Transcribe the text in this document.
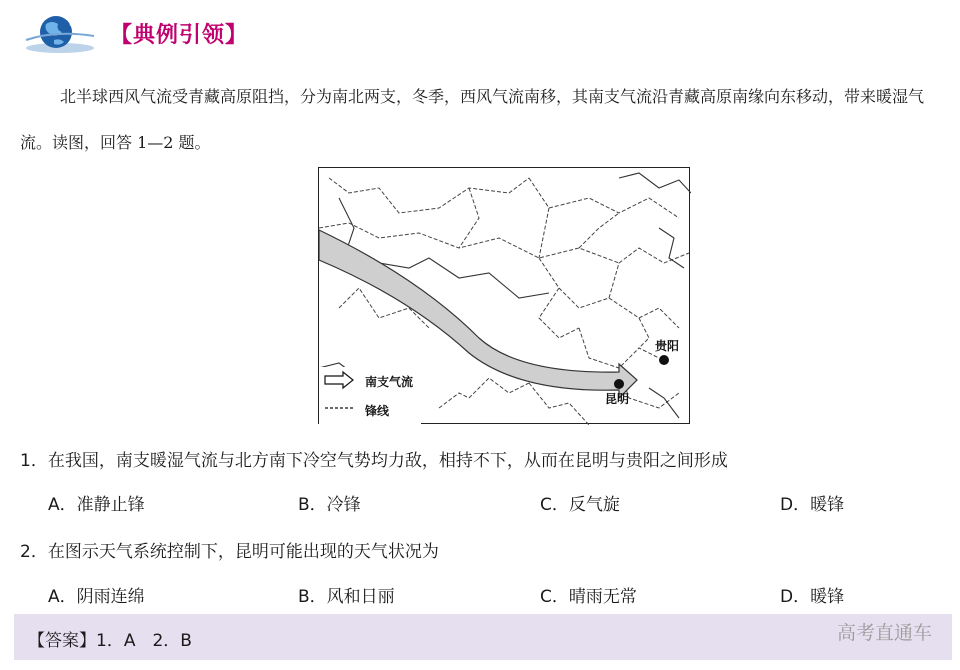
【典例引领】
北半球西风气流受青藏高原阻挡，分为南北两支，冬季，西风气流南移，其南支气流沿青藏高原南缘向东移动，带来暖湿气流。读图，回答 1—2 题。
南支气流
锋线
贵阳
昆明
1．在我国，南支暖湿气流与北方南下冷空气势均力敌，相持不下，从而在昆明与贵阳之间形成
A．准静止锋	B．冷锋	C．反气旋	D．暖锋
2．在图示天气系统控制下，昆明可能出现的天气状况为
A．阴雨连绵	B．风和日丽	C．晴雨无常	D．暖锋
【答案】1．A　2．B	高考直通车
